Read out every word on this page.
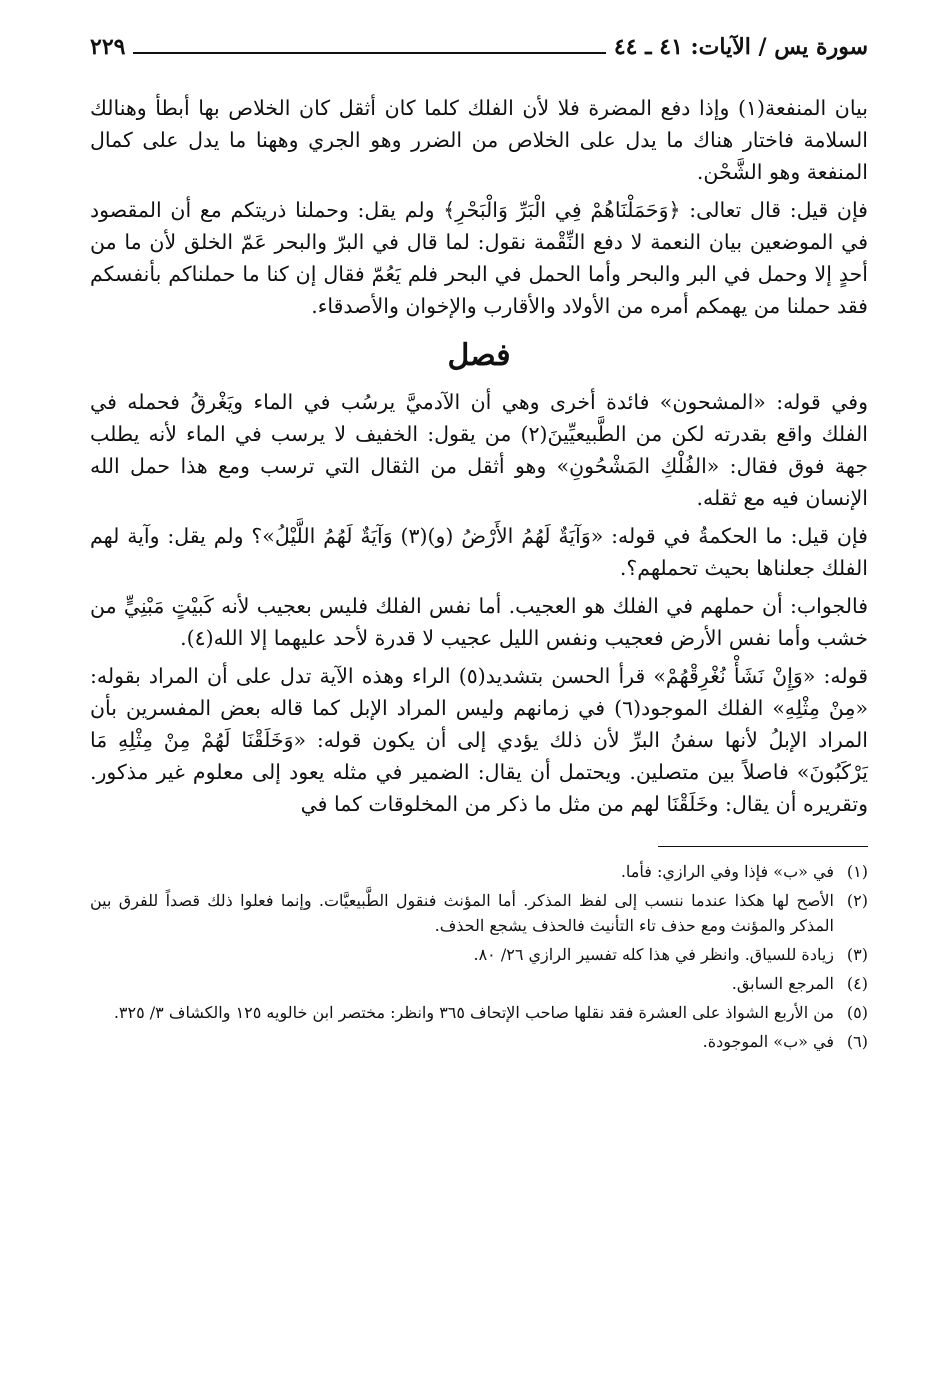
سورة يس / الآيات: ٤١ ـ ٤٤
٢٢٩

بيان المنفعة(١) وإذا دفع المضرة فلا لأن الفلك كلما كان أثقل كان الخلاص بها أبطأ وهنالك السلامة فاختار هناك ما يدل على الخلاص من الضرر وهو الجري وههنا ما يدل على كمال المنفعة وهو الشَّحْن.

فإن قيل: قال تعالى: ﴿وَحَمَلْنَاهُمْ فِي الْبَرِّ وَالْبَحْرِ﴾ ولم يقل: وحملنا ذريتكم مع أن المقصود في الموضعين بيان النعمة لا دفع النِّقْمة نقول: لما قال في البرّ والبحر عَمّ الخلق لأن ما من أحدٍ إلا وحمل في البر والبحر وأما الحمل في البحر فلم يَعُمّ فقال إن كنا ما حملناكم بأنفسكم فقد حملنا من يهمكم أمره من الأولاد والأقارب والإخوان والأصدقاء.

فصل

وفي قوله: «المشحون» فائدة أخرى وهي أن الآدميَّ يرسُب في الماء ويَغْرقُ فحمله في الفلك واقع بقدرته لكن من الطَّبيعيِّينَ(٢) من يقول: الخفيف لا يرسب في الماء لأنه يطلب جهة فوق فقال: «الفُلْكِ المَشْحُونِ» وهو أثقل من الثقال التي ترسب ومع هذا حمل الله الإنسان فيه مع ثقله.

فإن قيل: ما الحكمةُ في قوله: «وَآيَةٌ لَهُمُ الأَرْضُ (و)(٣) وَآيَةٌ لَهُمُ اللَّيْلُ»؟ ولم يقل: وآية لهم الفلك جعلناها بحيث تحملهم؟.

فالجواب: أن حملهم في الفلك هو العجيب. أما نفس الفلك فليس بعجيب لأنه كَبيْتٍ مَبْنِيٍّ من خشب وأما نفس الأرض فعجيب ونفس الليل عجيب لا قدرة لأحد عليهما إلا الله(٤).

قوله: «وَإِنْ نَشَأْ نُغْرِقْهُمْ» قرأ الحسن بتشديد(٥) الراء وهذه الآية تدل على أن المراد بقوله: «مِنْ مِثْلِهِ» الفلك الموجود(٦) في زمانهم وليس المراد الإبل كما قاله بعض المفسرين بأن المراد الإبلُ لأنها سفنُ البرِّ لأن ذلك يؤدي إلى أن يكون قوله: «وَخَلَقْنَا لَهُمْ مِنْ مِثْلِهِ مَا يَرْكَبُونَ» فاصلاً بين متصلين. ويحتمل أن يقال: الضمير في مثله يعود إلى معلوم غير مذكور. وتقريره أن يقال: وخَلَقْنَا لهم من مثل ما ذكر من المخلوقات كما في

(١)
في «ب» فإذا وفي الرازي: فأما.
(٢)
الأصح لها هكذا عندما ننسب إلى لفظ المذكر. أما المؤنث فنقول الطَّبيعيَّات. وإنما فعلوا ذلك قصداً للفرق بين المذكر والمؤنث ومع حذف تاء التأنيث فالحذف يشجع الحذف.
(٣)
زيادة للسياق. وانظر في هذا كله تفسير الرازي ٢٦/ ٨٠.
(٤)
المرجع السابق.
(٥)
من الأربع الشواذ على العشرة فقد نقلها صاحب الإتحاف ٣٦٥ وانظر: مختصر ابن خالويه ١٢٥ والكشاف ٣/ ٣٢٥.
(٦)
في «ب» الموجودة.
